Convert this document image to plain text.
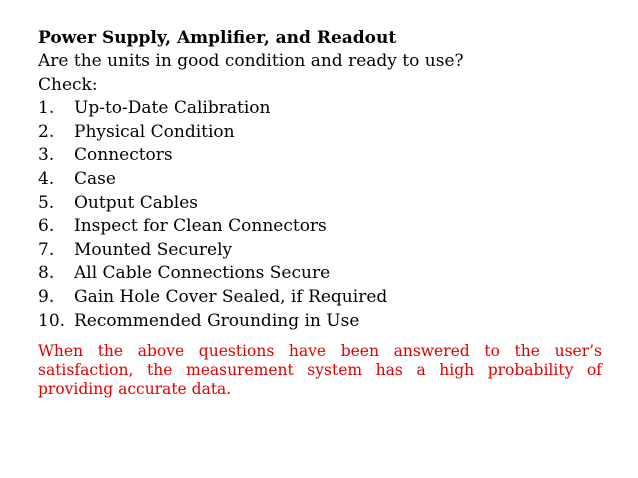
Power Supply, Amplifier, and Readout

Are the units in good condition and ready to use?

Check:

1.	Up-to-Date Calibration
2.	Physical Condition
3.	Connectors
4.	Case
5.	Output Cables
6.	Inspect for Clean Connectors
7.	Mounted Securely
8.	All Cable Connections Secure
9.	Gain Hole Cover Sealed, if Required
10. Recommended Grounding in Use

When the above questions have been answered to the user’s satisfaction, the measurement system has a high probability of providing accurate data.
